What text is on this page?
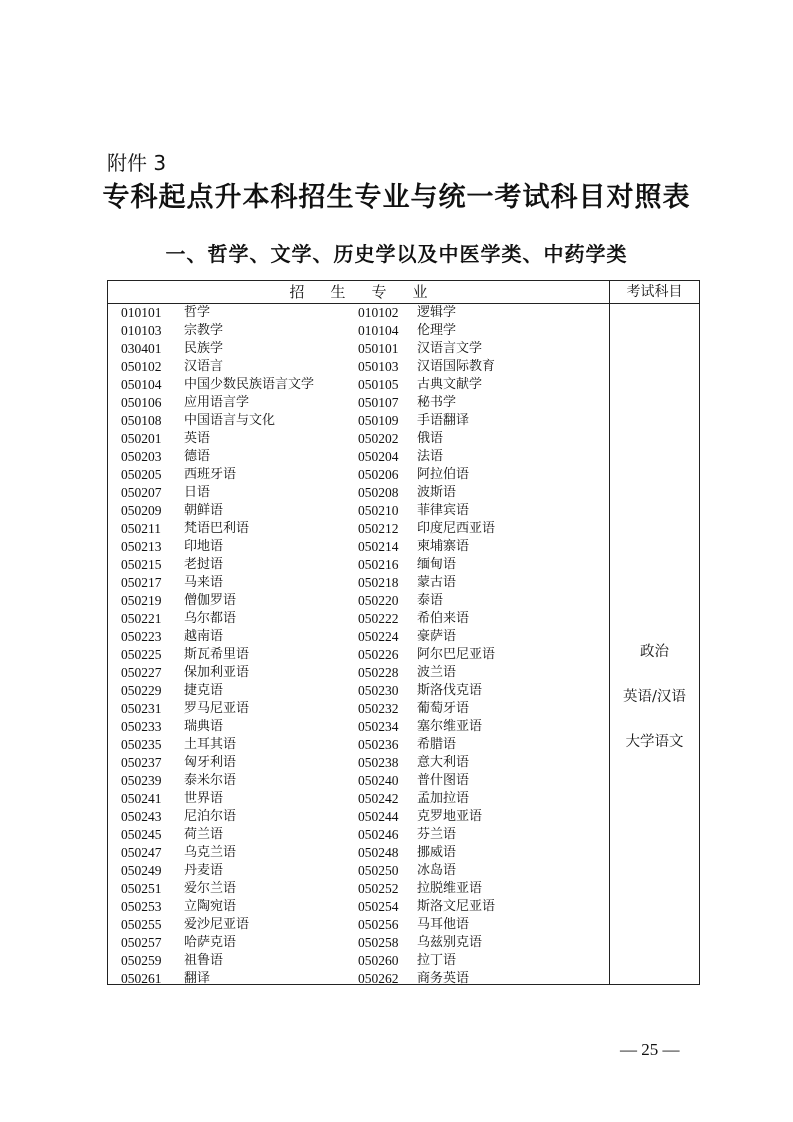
附件 3
专科起点升本科招生专业与统一考试科目对照表
一、哲学、文学、历史学以及中医学类、中药学类
招生专业	考试科目
010101 哲学	010102 逻辑学
010103 宗教学	010104 伦理学
030401 民族学	050101 汉语言文学
050102 汉语言	050103 汉语国际教育
050104 中国少数民族语言文学	050105 古典文献学
050106 应用语言学	050107 秘书学
050108 中国语言与文化	050109 手语翻译
050201 英语	050202 俄语
050203 德语	050204 法语
050205 西班牙语	050206 阿拉伯语
050207 日语	050208 波斯语
050209 朝鲜语	050210 菲律宾语
050211 梵语巴利语	050212 印度尼西亚语
050213 印地语	050214 柬埔寨语
050215 老挝语	050216 缅甸语
050217 马来语	050218 蒙古语
050219 僧伽罗语	050220 泰语
050221 乌尔都语	050222 希伯来语
050223 越南语	050224 豪萨语
050225 斯瓦希里语	050226 阿尔巴尼亚语
050227 保加利亚语	050228 波兰语
050229 捷克语	050230 斯洛伐克语
050231 罗马尼亚语	050232 葡萄牙语
050233 瑞典语	050234 塞尔维亚语
050235 土耳其语	050236 希腊语
050237 匈牙利语	050238 意大利语
050239 泰米尔语	050240 普什图语
050241 世界语	050242 孟加拉语
050243 尼泊尔语	050244 克罗地亚语
050245 荷兰语	050246 芬兰语
050247 乌克兰语	050248 挪威语
050249 丹麦语	050250 冰岛语
050251 爱尔兰语	050252 拉脱维亚语
050253 立陶宛语	050254 斯洛文尼亚语
050255 爱沙尼亚语	050256 马耳他语
050257 哈萨克语	050258 乌兹别克语
050259 祖鲁语	050260 拉丁语
050261 翻译	050262 商务英语
政治
英语/汉语
大学语文
— 25 —
